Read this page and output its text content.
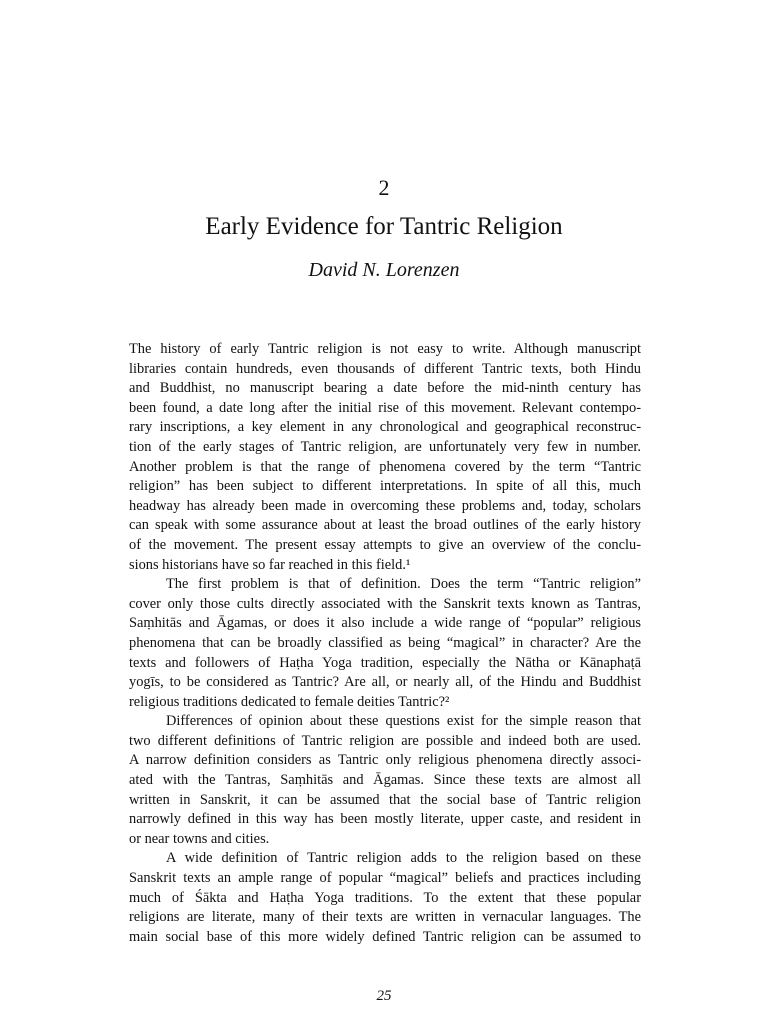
2
Early Evidence for Tantric Religion
David N. Lorenzen
The history of early Tantric religion is not easy to write. Although manuscript
libraries contain hundreds, even thousands of different Tantric texts, both Hindu
and Buddhist, no manuscript bearing a date before the mid-ninth century has
been found, a date long after the initial rise of this movement. Relevant contempo-
rary inscriptions, a key element in any chronological and geographical reconstruc-
tion of the early stages of Tantric religion, are unfortunately very few in number.
Another problem is that the range of phenomena covered by the term “Tantric
religion” has been subject to different interpretations. In spite of all this, much
headway has already been made in overcoming these problems and, today, scholars
can speak with some assurance about at least the broad outlines of the early history
of the movement. The present essay attempts to give an overview of the conclu-
sions historians have so far reached in this field.¹
The first problem is that of definition. Does the term “Tantric religion”
cover only those cults directly associated with the Sanskrit texts known as Tantras,
Saṃhitās and Āgamas, or does it also include a wide range of “popular” religious
phenomena that can be broadly classified as being “magical” in character? Are the
texts and followers of Haṭha Yoga tradition, especially the Nātha or Kānaphaṭā
yogīs, to be considered as Tantric? Are all, or nearly all, of the Hindu and Buddhist
religious traditions dedicated to female deities Tantric?²
Differences of opinion about these questions exist for the simple reason that
two different definitions of Tantric religion are possible and indeed both are used.
A narrow definition considers as Tantric only religious phenomena directly associ-
ated with the Tantras, Saṃhitās and Āgamas. Since these texts are almost all
written in Sanskrit, it can be assumed that the social base of Tantric religion
narrowly defined in this way has been mostly literate, upper caste, and resident in
or near towns and cities.
A wide definition of Tantric religion adds to the religion based on these
Sanskrit texts an ample range of popular “magical” beliefs and practices including
much of Śākta and Haṭha Yoga traditions. To the extent that these popular
religions are literate, many of their texts are written in vernacular languages. The
main social base of this more widely defined Tantric religion can be assumed to
25
